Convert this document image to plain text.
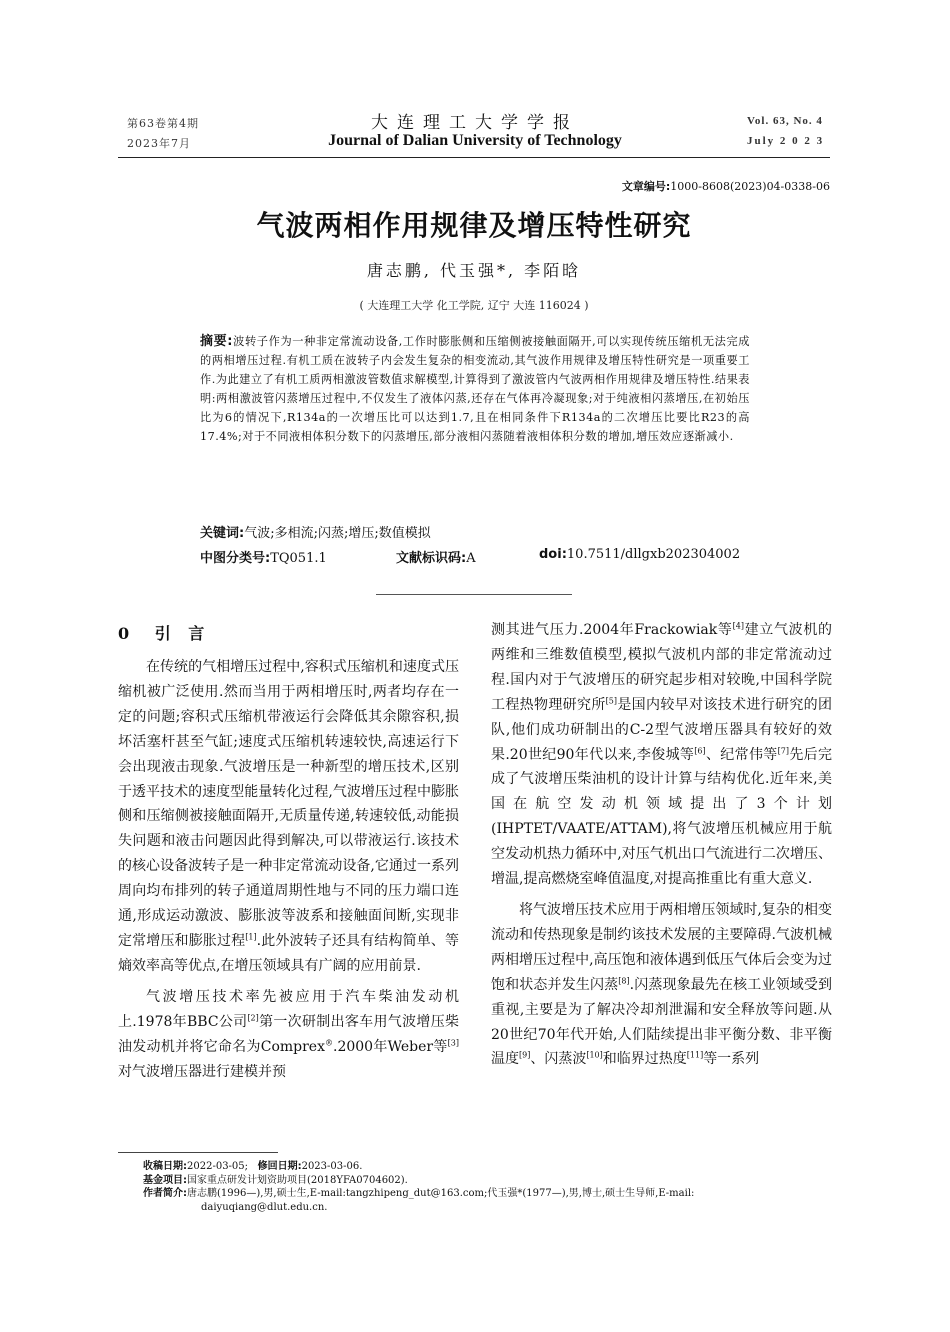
第63卷第4期
2023年7月
大连理工大学学报
Journal of Dalian University of Technology
Vol. 63, No. 4
July 2 0 2 3
文章编号:1000-8608(2023)04-0338-06
气波两相作用规律及增压特性研究
唐志鹏, 代玉强*, 李陌晗
( 大连理工大学 化工学院, 辽宁 大连 116024 )
摘要:波转子作为一种非定常流动设备,工作时膨胀侧和压缩侧被接触面隔开,可以实现传统压缩机无法完成的两相增压过程.有机工质在波转子内会发生复杂的相变流动,其气波作用规律及增压特性研究是一项重要工作.为此建立了有机工质两相激波管数值求解模型,计算得到了激波管内气波两相作用规律及增压特性.结果表明:两相激波管闪蒸增压过程中,不仅发生了液体闪蒸,还存在气体再冷凝现象;对于纯液相闪蒸增压,在初始压比为6的情况下,R134a的一次增压比可以达到1.7,且在相同条件下R134a的二次增压比要比R23的高17.4%;对于不同液相体积分数下的闪蒸增压,部分液相闪蒸随着液相体积分数的增加,增压效应逐渐减小.
关键词:气波;多相流;闪蒸;增压;数值模拟
中图分类号:TQ051.1	文献标识码:A	doi:10.7511/dllgxb202304002
0 引 言

在传统的气相增压过程中,容积式压缩机和速度式压缩机被广泛使用.然而当用于两相增压时,两者均存在一定的问题;容积式压缩机带液运行会降低其余隙容积,损坏活塞杆甚至气缸;速度式压缩机转速较快,高速运行下会出现液击现象.气波增压是一种新型的增压技术,区别于透平技术的速度型能量转化过程,气波增压过程中膨胀侧和压缩侧被接触面隔开,无质量传递,转速较低,动能损失问题和液击问题因此得到解决,可以带液运行.该技术的核心设备波转子是一种非定常流动设备,它通过一系列周向均布排列的转子通道周期性地与不同的压力端口连通,形成运动激波、膨胀波等波系和接触面间断,实现非定常增压和膨胀过程[1].此外波转子还具有结构简单、等熵效率高等优点,在增压领域具有广阔的应用前景.

气波增压技术率先被应用于汽车柴油发动机上.1978年BBC公司[2]第一次研制出客车用气波增压柴油发动机并将它命名为Comprex®.2000年Weber等[3]对气波增压器进行建模并预

测其进气压力.2004年Frackowiak等[4]建立气波机的两维和三维数值模型,模拟气波机内部的非定常流动过程.国内对于气波增压的研究起步相对较晚,中国科学院工程热物理研究所[5]是国内较早对该技术进行研究的团队,他们成功研制出的C-2型气波增压器具有较好的效果.20世纪90年代以来,李俊城等[6]、纪常伟等[7]先后完成了气波增压柴油机的设计计算与结构优化.近年来,美国在航空发动机领域提出了3个计划(IHPTET/VAATE/ATTAM),将气波增压机械应用于航空发动机热力循环中,对压气机出口气流进行二次增压、增温,提高燃烧室峰值温度,对提高推重比有重大意义.

将气波增压技术应用于两相增压领域时,复杂的相变流动和传热现象是制约该技术发展的主要障碍.气波机械两相增压过程中,高压饱和液体遇到低压气体后会变为过饱和状态并发生闪蒸[8].闪蒸现象最先在核工业领域受到重视,主要是为了解决冷却剂泄漏和安全释放等问题.从20世纪70年代开始,人们陆续提出非平衡分数、非平衡温度[9]、闪蒸波[10]和临界过热度[11]等一系列

收稿日期:2022-03-05; 修回日期:2023-03-06.
基金项目:国家重点研发计划资助项目(2018YFA0704602).
作者简介:唐志鹏(1996—),男,硕士生,E-mail:tangzhipeng_dut@163.com;代玉强*(1977—),男,博士,硕士生导师,E-mail:
daiyuqiang@dlut.edu.cn.
